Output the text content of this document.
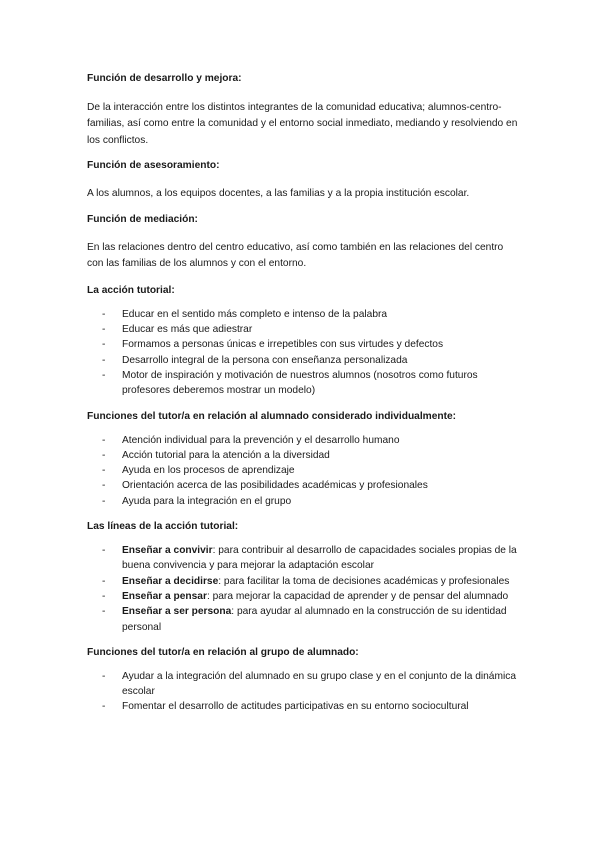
Función de desarrollo y mejora:

De la interacción entre los distintos integrantes de la comunidad educativa; alumnos-centro-familias, así como entre la comunidad y el entorno social inmediato, mediando y resolviendo en los conflictos.

Función de asesoramiento:

A los alumnos, a los equipos docentes, a las familias y a la propia institución escolar.

Función de mediación:

En las relaciones dentro del centro educativo, así como también en las relaciones del centro con las familias de los alumnos y con el entorno.

La acción tutorial:

- Educar en el sentido más completo e intenso de la palabra
- Educar es más que adiestrar
- Formamos a personas únicas e irrepetibles con sus virtudes y defectos
- Desarrollo integral de la persona con enseñanza personalizada
- Motor de inspiración y motivación de nuestros alumnos (nosotros como futuros profesores deberemos mostrar un modelo)

Funciones del tutor/a en relación al alumnado considerado individualmente:

- Atención individual para la prevención y el desarrollo humano
- Acción tutorial para la atención a la diversidad
- Ayuda en los procesos de aprendizaje
- Orientación acerca de las posibilidades académicas y profesionales
- Ayuda para la integración en el grupo

Las líneas de la acción tutorial:

- Enseñar a convivir: para contribuir al desarrollo de capacidades sociales propias de la buena convivencia y para mejorar la adaptación escolar
- Enseñar a decidirse: para facilitar la toma de decisiones académicas y profesionales
- Enseñar a pensar: para mejorar la capacidad de aprender y de pensar del alumnado
- Enseñar a ser persona: para ayudar al alumnado en la construcción de su identidad personal

Funciones del tutor/a en relación al grupo de alumnado:

- Ayudar a la integración del alumnado en su grupo clase y en el conjunto de la dinámica escolar
- Fomentar el desarrollo de actitudes participativas en su entorno sociocultural
